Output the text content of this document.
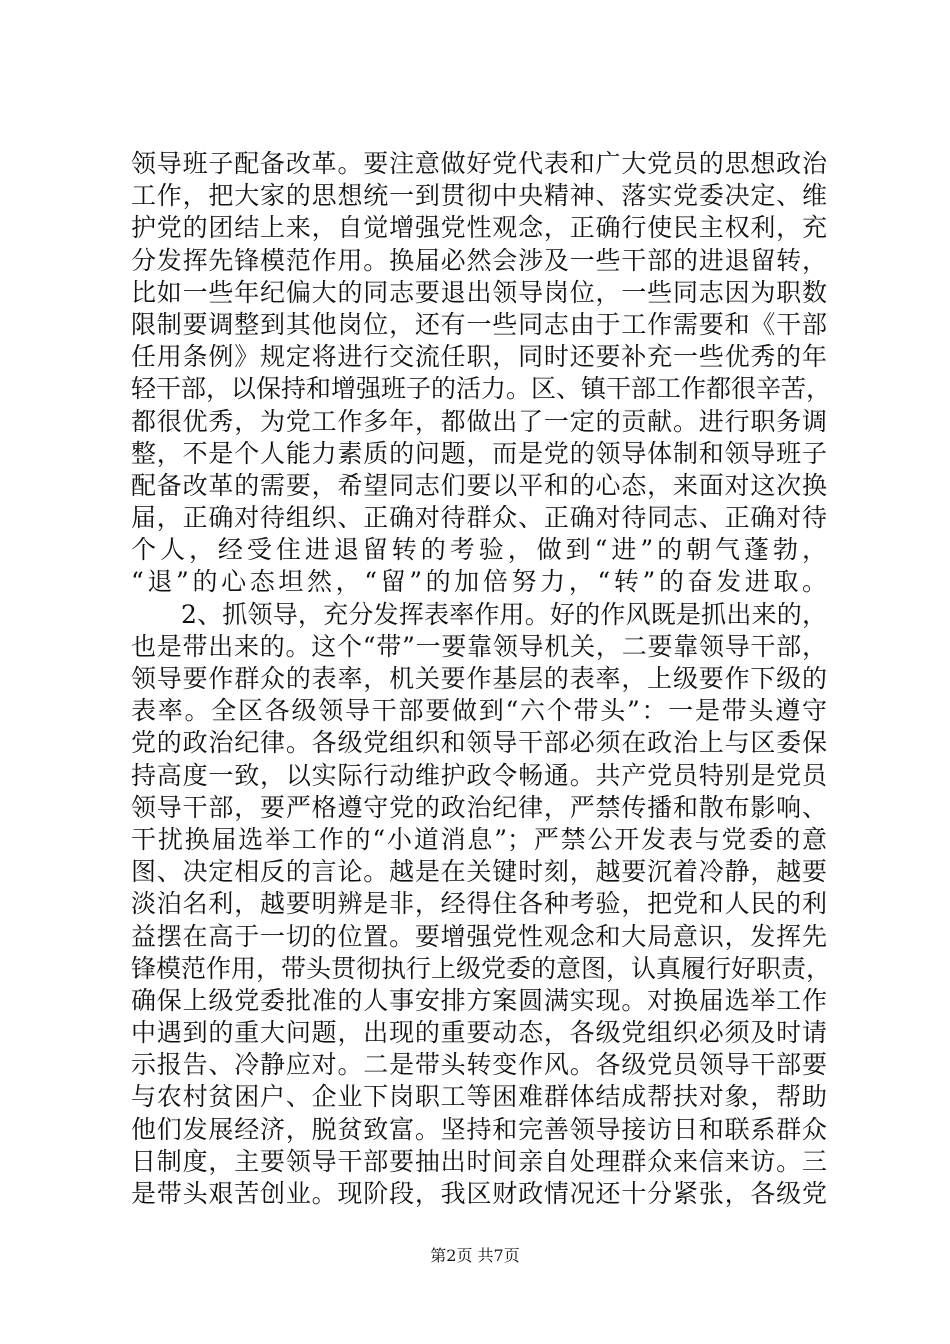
领导班子配备改革。要注意做好党代表和广大党员的思想政治
工作，把大家的思想统一到贯彻中央精神、落实党委决定、维
护党的团结上来，自觉增强党性观念，正确行使民主权利，充
分发挥先锋模范作用。换届必然会涉及一些干部的进退留转，
比如一些年纪偏大的同志要退出领导岗位，一些同志因为职数
限制要调整到其他岗位，还有一些同志由于工作需要和《干部
任用条例》规定将进行交流任职，同时还要补充一些优秀的年
轻干部，以保持和增强班子的活力。区、镇干部工作都很辛苦，
都很优秀，为党工作多年，都做出了一定的贡献。进行职务调
整，不是个人能力素质的问题，而是党的领导体制和领导班子
配备改革的需要，希望同志们要以平和的心态，来面对这次换
届，正确对待组织、正确对待群众、正确对待同志、正确对待
个人，经受住进退留转的考验，做到“进”的朝气蓬勃，
“退”的心态坦然，“留”的加倍努力，“转”的奋发进取。
2、抓领导，充分发挥表率作用。好的作风既是抓出来的，
也是带出来的。这个“带”一要靠领导机关，二要靠领导干部，
领导要作群众的表率，机关要作基层的表率，上级要作下级的
表率。全区各级领导干部要做到“六个带头”：一是带头遵守
党的政治纪律。各级党组织和领导干部必须在政治上与区委保
持高度一致，以实际行动维护政令畅通。共产党员特别是党员
领导干部，要严格遵守党的政治纪律，严禁传播和散布影响、
干扰换届选举工作的“小道消息”；严禁公开发表与党委的意
图、决定相反的言论。越是在关键时刻，越要沉着冷静，越要
淡泊名利，越要明辨是非，经得住各种考验，把党和人民的利
益摆在高于一切的位置。要增强党性观念和大局意识，发挥先
锋模范作用，带头贯彻执行上级党委的意图，认真履行好职责，
确保上级党委批准的人事安排方案圆满实现。对换届选举工作
中遇到的重大问题，出现的重要动态，各级党组织必须及时请
示报告、冷静应对。二是带头转变作风。各级党员领导干部要
与农村贫困户、企业下岗职工等困难群体结成帮扶对象，帮助
他们发展经济，脱贫致富。坚持和完善领导接访日和联系群众
日制度，主要领导干部要抽出时间亲自处理群众来信来访。三
是带头艰苦创业。现阶段，我区财政情况还十分紧张，各级党
第2页 共7页
